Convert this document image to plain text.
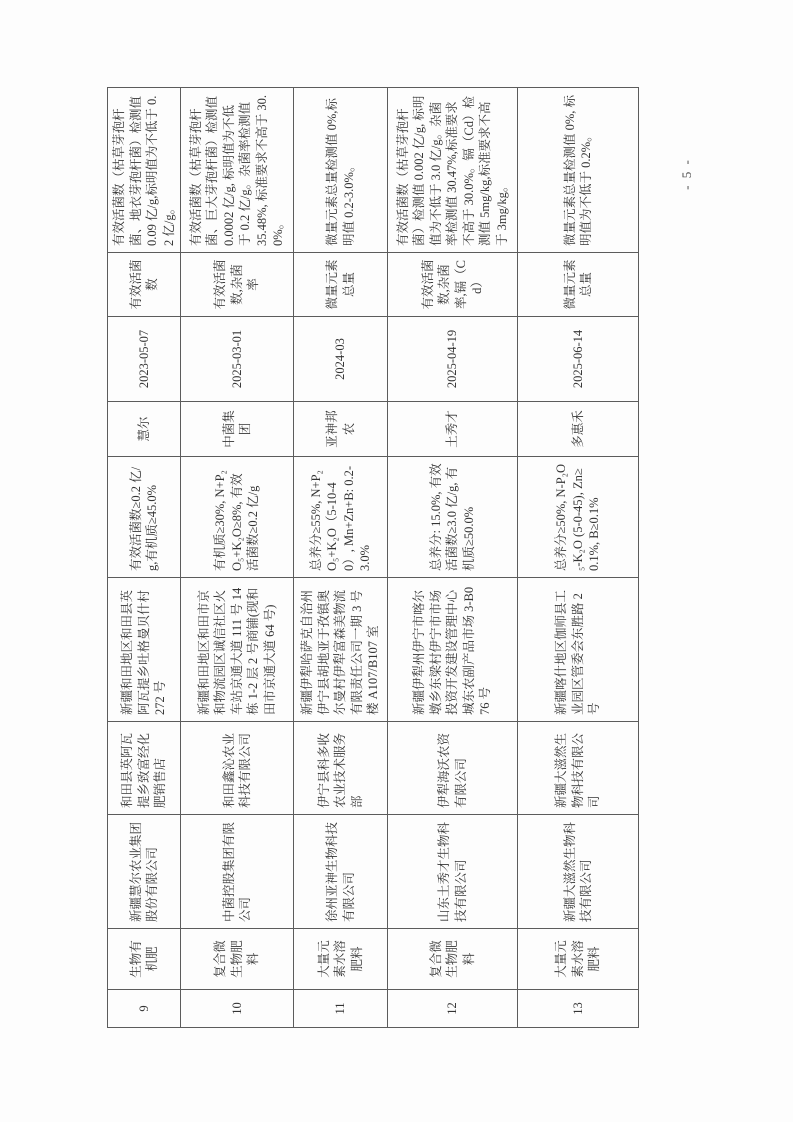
9	生物有机肥	新疆慧尔农业集团股份有限公司	和田县英阿瓦提乡致富经化肥销售店	新疆和田地区和田县英阿瓦提乡吐格曼贝什村 272 号	有效活菌数≥0.2 亿/g,有机质≥45.0%	慧尔	2023-05-07	有效活菌数	有效活菌数（枯草芽孢杆菌、地衣芽孢杆菌）检测值 0.09 亿/g,标明值为不低于 0.2 亿/g。
10	复合微生物肥料	中菌控股集团有限公司	和田鑫沁农业科技有限公司	新疆和田地区和田市京和物流园区诚信社区火车站京通大道 111 号 14 栋 1-2 层 2 号商铺(现和田市京通大道 64 号)	有机质≥30%, N+P₂O₅+K₂O≥8%, 有效活菌数≥0.2 亿/g	中菌集团	2025-03-01	有效活菌数,杂菌率	有效活菌数（枯草芽孢杆菌、巨大芽孢杆菌）检测值 0.0002 亿/g, 标明值为不低于 0.2 亿/g。杂菌率检测值 35.48%, 标准要求不高于 30.0%。
11	大量元素水溶肥料	徐州亚神生物科技有限公司	伊宁县科多收农业技术服务部	新疆伊犁哈萨克自治州伊宁县胡地亚于孜镇奥尔曼村伊犁富森美物流有限责任公司一期 3 号楼 A107/B107 室	总养分≥55%, N+P₂O₅+K₂O（5-10-40）, Mn+Zn+B: 0.2-3.0%	亚神邦农	2024-03	微量元素总量	微量元素总量检测值 0%,标明值 0.2-3.0%。
12	复合微生物肥料	山东土秀才生物科技有限公司	伊犁海沃农资有限公司	新疆伊犁州伊宁市喀尔墩乡东梁村伊宁市市场投资开发建设管理中心城东农副产品市场 3-B076 号	总养分: 15.0%, 有效活菌数≥3.0 亿/g, 有机质≥50.0%	土秀才	2025-04-19	有效活菌数,杂菌率,镉（Cd）	有效活菌数（枯草芽孢杆菌）检测值 0.002 亿/g, 标明值为不低于 3.0 亿/g。杂菌率检测值 30.47%,标准要求不高于 30.0%。镉（Cd）检测值 5mg/kg,标准要求不高于 3mg/kg。
13	大量元素水溶肥料	新疆大滋然生物科技有限公司	新疆大滋然生物科技有限公司	新疆喀什地区伽师县工业园区管委会东胜路 2 号	总养分≥50%, N-P₂O₅-K₂O (5-0-45), Zn≥0.1%, B≥0.1%	多惠禾	2025-06-14	微量元素总量	微量元素总量检测值 0%, 标明值为不低于 0.2%。	- 5 -
